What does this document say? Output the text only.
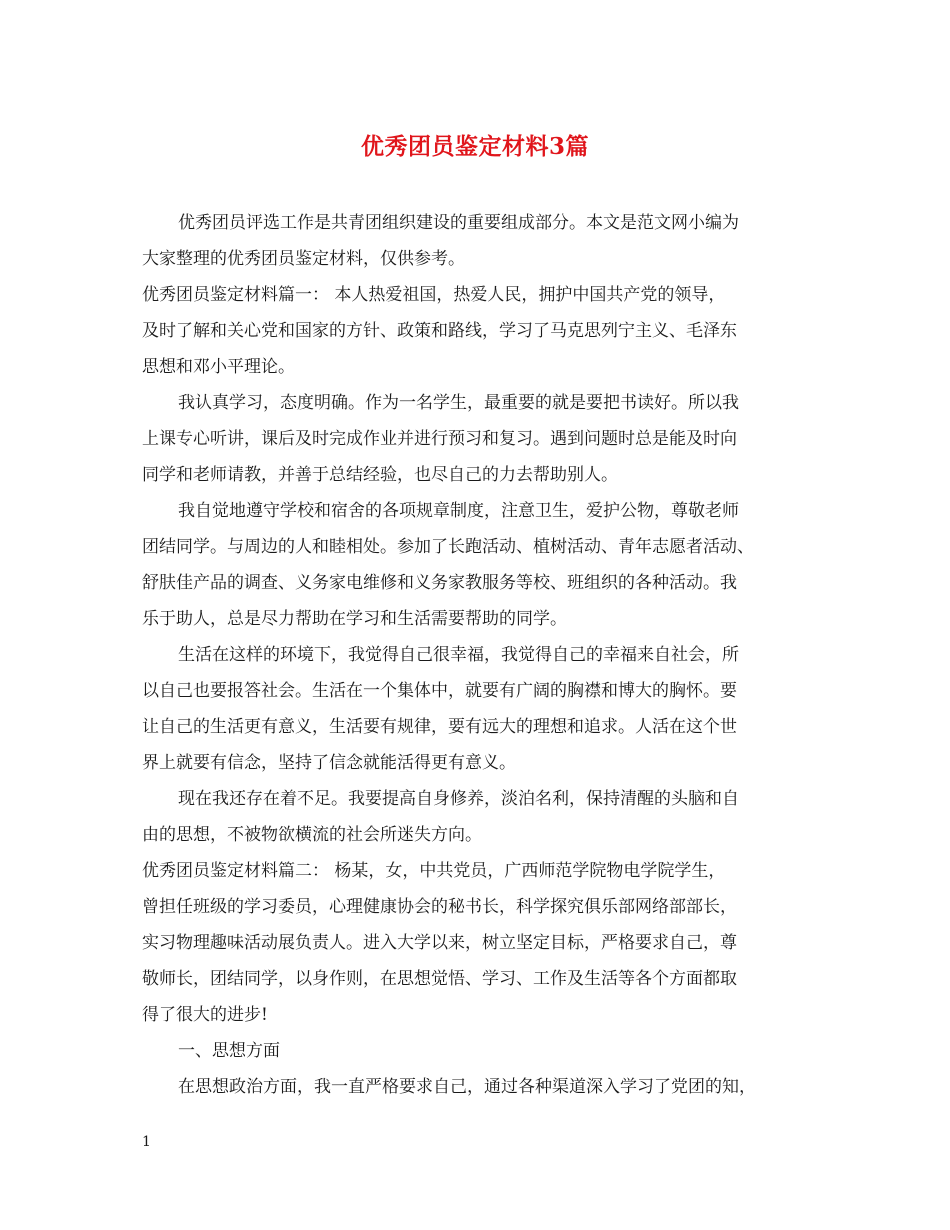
优秀团员鉴定材料3篇
优秀团员评选工作是共青团组织建设的重要组成部分。本文是范文网小编为
大家整理的优秀团员鉴定材料，仅供参考。
优秀团员鉴定材料篇一： 本人热爱祖国，热爱人民，拥护中国共产党的领导，
及时了解和关心党和国家的方针、政策和路线，学习了马克思列宁主义、毛泽东
思想和邓小平理论。
我认真学习，态度明确。作为一名学生，最重要的就是要把书读好。所以我
上课专心听讲，课后及时完成作业并进行预习和复习。遇到问题时总是能及时向
同学和老师请教，并善于总结经验，也尽自己的力去帮助别人。
我自觉地遵守学校和宿舍的各项规章制度，注意卫生，爱护公物，尊敬老师
团结同学。与周边的人和睦相处。参加了长跑活动、植树活动、青年志愿者活动、
舒肤佳产品的调查、义务家电维修和义务家教服务等校、班组织的各种活动。我
乐于助人，总是尽力帮助在学习和生活需要帮助的同学。
生活在这样的环境下，我觉得自己很幸福，我觉得自己的幸福来自社会，所
以自己也要报答社会。生活在一个集体中，就要有广阔的胸襟和博大的胸怀。要
让自己的生活更有意义，生活要有规律，要有远大的理想和追求。人活在这个世
界上就要有信念，坚持了信念就能活得更有意义。
现在我还存在着不足。我要提高自身修养，淡泊名利，保持清醒的头脑和自
由的思想，不被物欲横流的社会所迷失方向。
优秀团员鉴定材料篇二： 杨某，女，中共党员，广西师范学院物电学院学生，
曾担任班级的学习委员，心理健康协会的秘书长，科学探究俱乐部网络部部长，
实习物理趣味活动展负责人。进入大学以来，树立坚定目标，严格要求自己，尊
敬师长，团结同学，以身作则，在思想觉悟、学习、工作及生活等各个方面都取
得了很大的进步!
一、思想方面
在思想政治方面，我一直严格要求自己，通过各种渠道深入学习了党团的知，
1
